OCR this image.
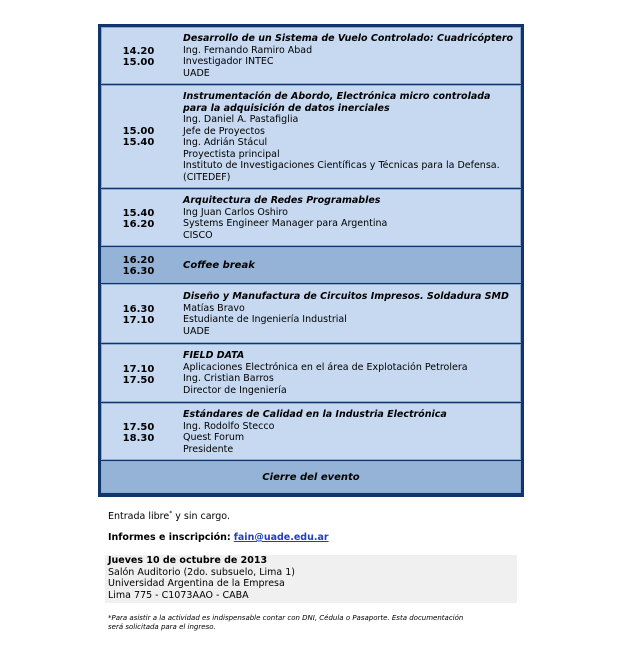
14.20
15.00
Desarrollo de un Sistema de Vuelo Controlado: Cuadricóptero
Ing. Fernando Ramiro Abad
Investigador INTEC
UADE
15.00
15.40
Instrumentación de Abordo, Electrónica micro controlada
para la adquisición de datos inerciales
Ing. Daniel A. Pastafiglia
Jefe de Proyectos
Ing. Adrián Stácul
Proyectista principal
Instituto de Investigaciones Científicas y Técnicas para la Defensa.
(CITEDEF)
15.40
16.20
Arquitectura de Redes Programables
Ing Juan Carlos Oshiro
Systems Engineer Manager para Argentina
CISCO
16.20
16.30
Coffee break
16.30
17.10
Diseño y Manufactura de Circuitos Impresos. Soldadura SMD
Matías Bravo
Estudiante de Ingeniería Industrial
UADE
17.10
17.50
FIELD DATA
Aplicaciones Electrónica en el área de Explotación Petrolera
Ing. Cristian Barros
Director de Ingeniería
17.50
18.30
Estándares de Calidad en la Industria Electrónica
Ing. Rodolfo Stecco
Quest Forum
Presidente
Cierre del evento
Entrada libre* y sin cargo.
Informes e inscripción: fain@uade.edu.ar
Jueves 10 de octubre de 2013
Salón Auditorio (2do. subsuelo, Lima 1)
Universidad Argentina de la Empresa
Lima 775 - C1073AAO - CABA
*Para asistir a la actividad es indispensable contar con DNI, Cédula o Pasaporte. Esta documentación
será solicitada para el ingreso.
